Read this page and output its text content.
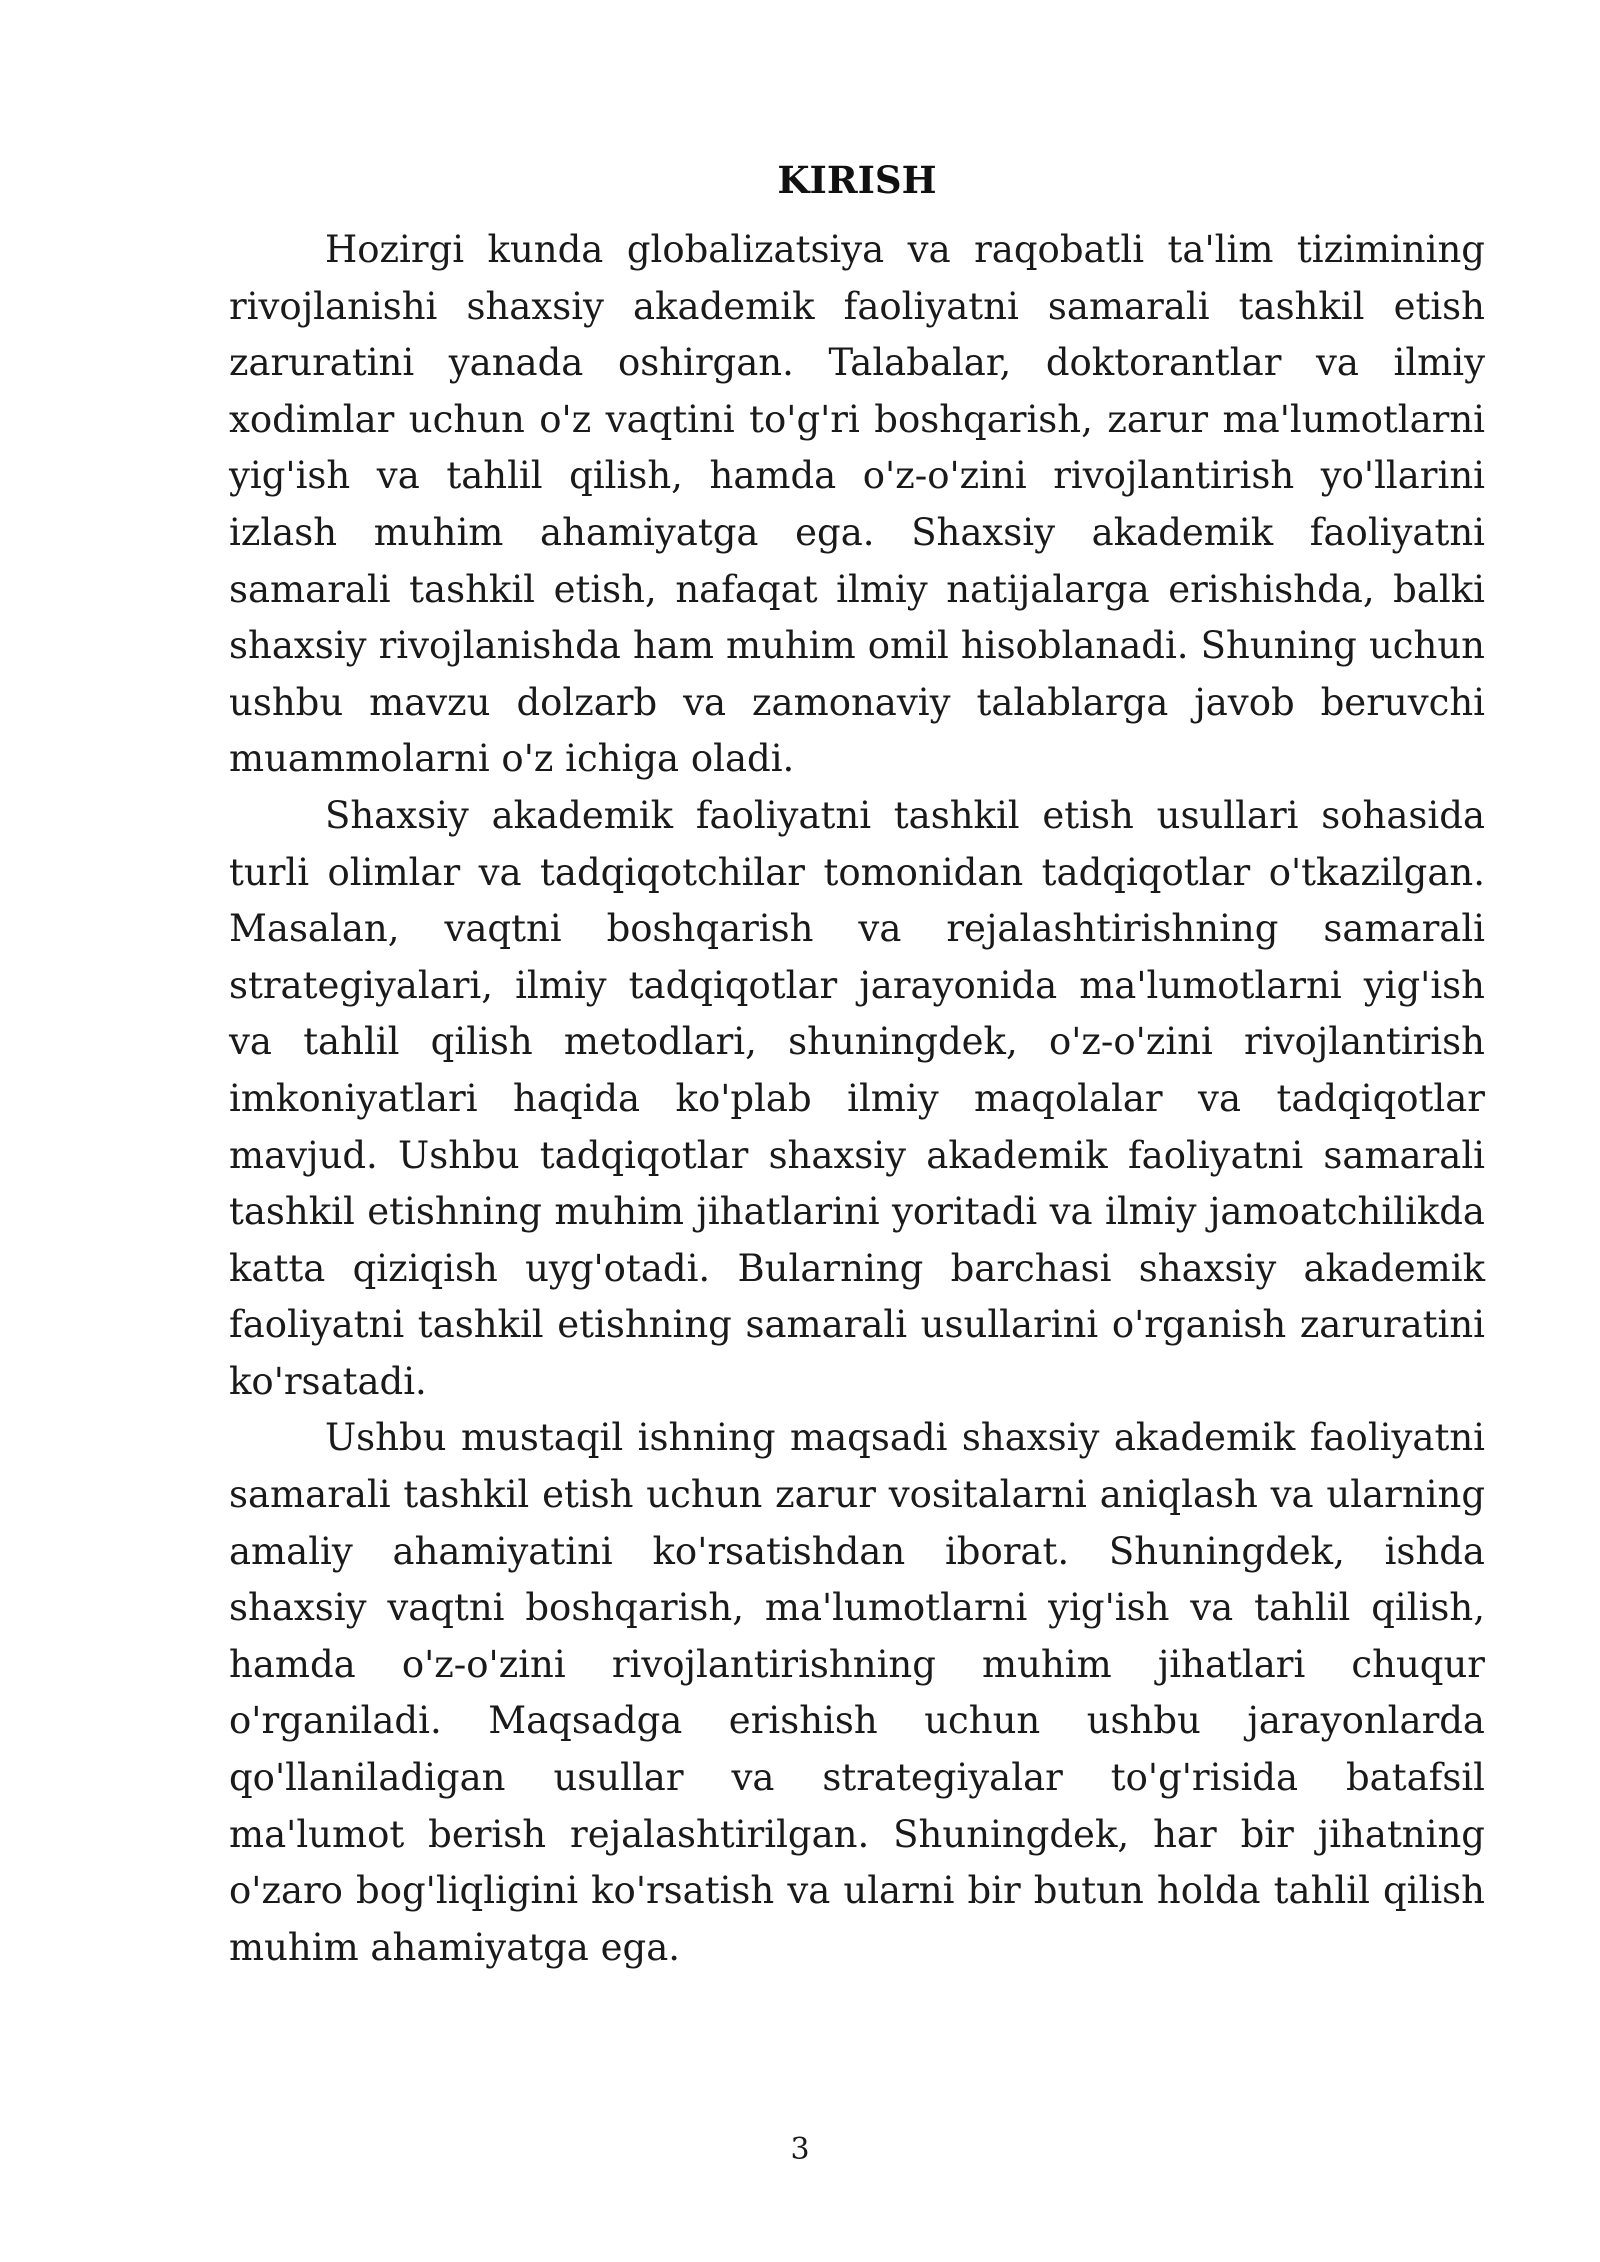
KIRISH

Hozirgi kunda globalizatsiya va raqobatli ta'lim tizimining rivojlanishi shaxsiy akademik faoliyatni samarali tashkil etish zaruratini yanada oshirgan. Talabalar, doktorantlar va ilmiy xodimlar uchun o'z vaqtini to'g'ri boshqarish, zarur ma'lumotlarni yig'ish va tahlil qilish, hamda o'z-o'zini rivojlantirish yo'llarini izlash muhim ahamiyatga ega. Shaxsiy akademik faoliyatni samarali tashkil etish, nafaqat ilmiy natijalarga erishishda, balki shaxsiy rivojlanishda ham muhim omil hisoblanadi. Shuning uchun ushbu mavzu dolzarb va zamonaviy talablarga javob beruvchi muammolarni o'z ichiga oladi.

Shaxsiy akademik faoliyatni tashkil etish usullari sohasida turli olimlar va tadqiqotchilar tomonidan tadqiqotlar o'tkazilgan. Masalan, vaqtni boshqarish va rejalashtirishning samarali strategiyalari, ilmiy tadqiqotlar jarayonida ma'lumotlarni yig'ish va tahlil qilish metodlari, shuningdek, o'z-o'zini rivojlantirish imkoniyatlari haqida ko'plab ilmiy maqolalar va tadqiqotlar mavjud. Ushbu tadqiqotlar shaxsiy akademik faoliyatni samarali tashkil etishning muhim jihatlarini yoritadi va ilmiy jamoatchilikda katta qiziqish uyg'otadi. Bularning barchasi shaxsiy akademik faoliyatni tashkil etishning samarali usullarini o'rganish zaruratini ko'rsatadi.

Ushbu mustaqil ishning maqsadi shaxsiy akademik faoliyatni samarali tashkil etish uchun zarur vositalarni aniqlash va ularning amaliy ahamiyatini ko'rsatishdan iborat. Shuningdek, ishda shaxsiy vaqtni boshqarish, ma'lumotlarni yig'ish va tahlil qilish, hamda o'z-o'zini rivojlantirishning muhim jihatlari chuqur o'rganiladi. Maqsadga erishish uchun ushbu jarayonlarda qo'llaniladigan usullar va strategiyalar to'g'risida batafsil ma'lumot berish rejalashtirilgan. Shuningdek, har bir jihatning o'zaro bog'liqligini ko'rsatish va ularni bir butun holda tahlil qilish muhim ahamiyatga ega.

3
